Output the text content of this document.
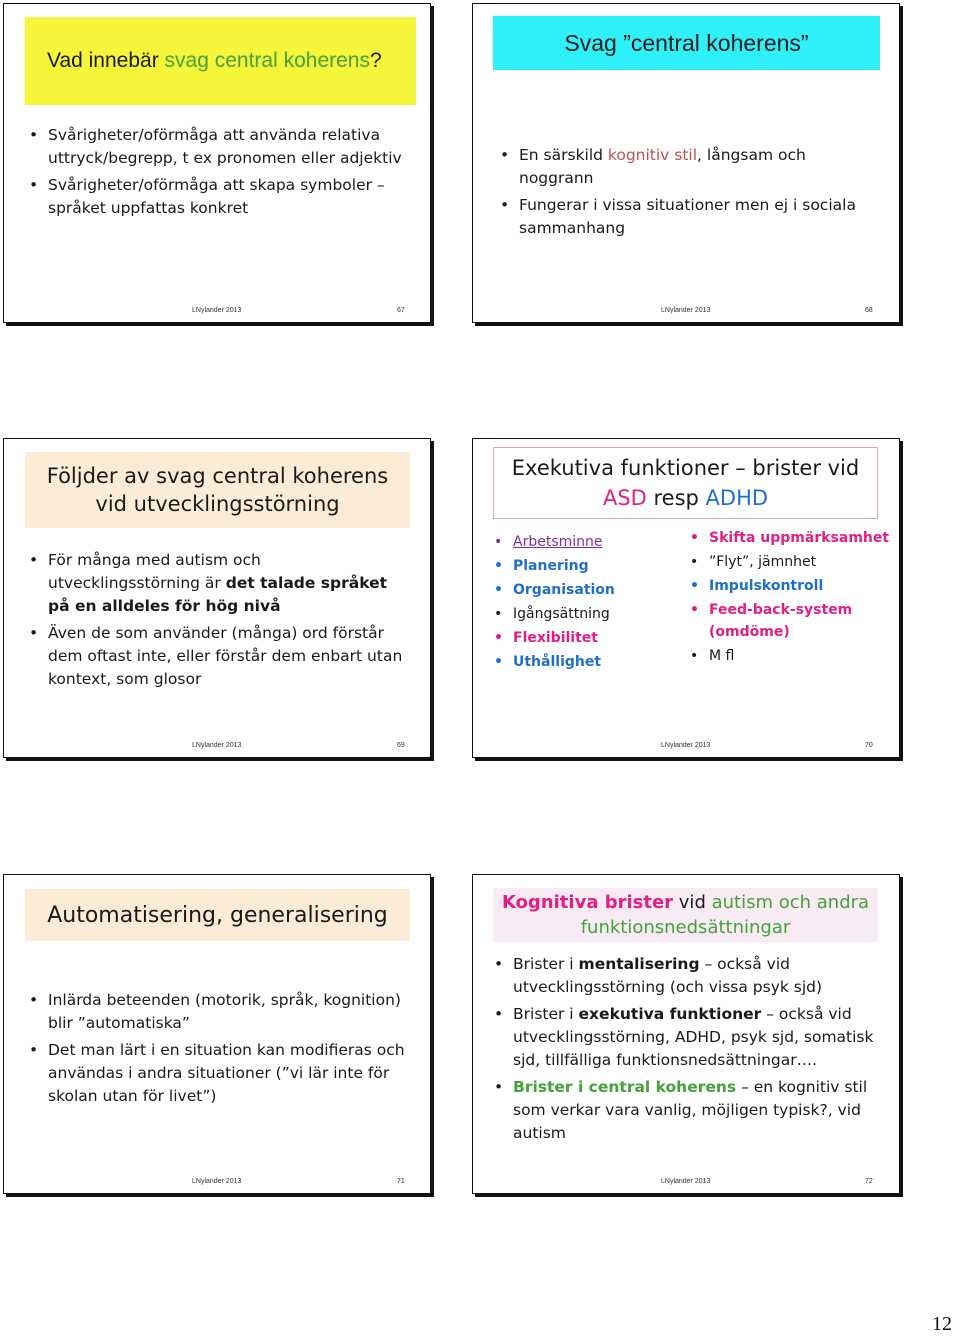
Vad innebär svag central koherens?
• Svårigheter/oförmåga att använda relativa uttryck/begrepp, t ex pronomen eller adjektiv
• Svårigheter/oförmåga att skapa symboler – språket uppfattas konkret
LNylander 2013	67
Svag ”central koherens”
• En särskild kognitiv stil, långsam och noggrann
• Fungerar i vissa situationer men ej i sociala sammanhang
LNylander 2013	68
Följder av svag central koherens vid utvecklingsstörning
• För många med autism och utvecklingsstörning är det talade språket på en alldeles för hög nivå
• Även de som använder (många) ord förstår dem oftast inte, eller förstår dem enbart utan kontext, som glosor
LNylander 2013	69
Exekutiva funktioner – brister vid
ASD resp ADHD
• Arbetsminne
• Planering
• Organisation
• Igångsättning
• Flexibilitet
• Uthållighet
• Skifta uppmärksamhet
• ”Flyt”, jämnhet
• Impulskontroll
• Feed-back-system (omdöme)
• M fl
LNylander 2013	70
Automatisering, generalisering
• Inlärda beteenden (motorik, språk, kognition) blir ”automatiska”
• Det man lärt i en situation kan modifieras och användas i andra situationer (”vi lär inte för skolan utan för livet”)
LNylander 2013	71
Kognitiva brister vid autism och andra funktionsnedsättningar
• Brister i mentalisering – också vid utvecklingsstörning (och vissa psyk sjd)
• Brister i exekutiva funktioner – också vid utvecklingsstörning, ADHD, psyk sjd, somatisk sjd, tillfälliga funktionsnedsättningar….
• Brister i central koherens – en kognitiv stil som verkar vara vanlig, möjligen typisk?, vid autism
LNylander 2013	72
12
